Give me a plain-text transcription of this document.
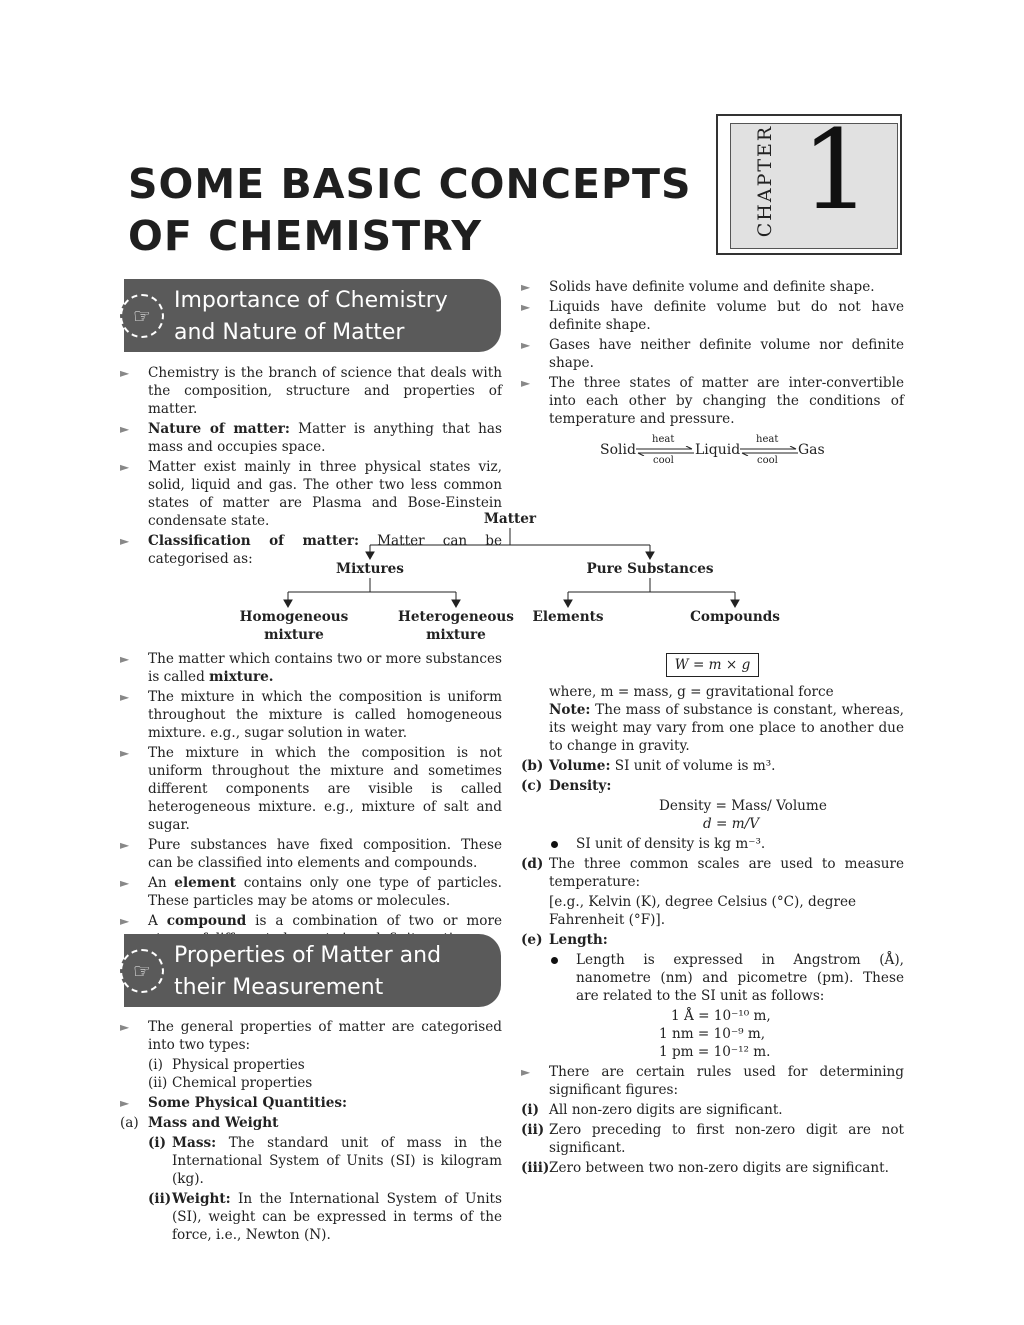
SOME BASIC CONCEPTS
OF CHEMISTRY	CHAPTER 1
☞
Importance of Chemistry
and Nature of Matter
► Chemistry is the branch of science that deals with the composition, structure and properties of matter.
► Nature of matter: Matter is anything that has mass and occupies space.
► Matter exist mainly in three physical states viz, solid, liquid and gas. The other two less common states of matter are Plasma and Bose-Einstein condensate state.
► Classification of matter: Matter can be categorised as:
► Solids have definite volume and definite shape.
► Liquids have definite volume but do not have definite shape.
► Gases have neither definite volume nor definite shape.
► The three states of matter are inter-convertible into each other by changing the conditions of temperature and pressure.
Solid
heat
cool
Liquid
heat
cool
Gas
Matter
Mixtures	Pure Substances
Homogeneous
mixture
Heterogeneous
mixture
Elements	Compounds
► The matter which contains two or more substances is called mixture.
► The mixture in which the composition is uniform throughout the mixture is called homogeneous mixture. e.g., sugar solution in water.
► The mixture in which the composition is not uniform throughout the mixture and sometimes different components are visible is called heterogeneous mixture. e.g., mixture of salt and sugar.
► Pure substances have fixed composition. These can be classified into elements and compounds.
► An element contains only one type of particles. These particles may be atoms or molecules.
► A compound is a combination of two or more
☞
Properties of Matter and
their Measurement
► The general properties of matter are categorised into two types:
(i) Physical properties
(ii) Chemical properties
► Some Physical Quantities:
(a) Mass and Weight
(i) Mass: The standard unit of mass in the International System of Units (SI) is kilogram (kg).
(ii) Weight: In the International System of Units (SI), weight can be expressed in terms of the force, i.e., Newton (N).
W = m × g
where, m = mass, g = gravitational force
Note: The mass of substance is constant, whereas, its weight may vary from one place to another due to change in gravity.
(b) Volume: SI unit of volume is m³.
(c) Density:
Density = Mass/ Volume
d = m/V
SI unit of density is kg m⁻³.
(d) The three common scales are used to measure temperature:
[e.g., Kelvin (K), degree Celsius (°C), degree Fahrenheit (°F)].
(e) Length:
Length is expressed in Angstrom (Å), nanometre (nm) and picometre (pm). These are related to the SI unit as follows:
1 Å = 10⁻¹⁰ m,
1 nm = 10⁻⁹ m,
1 pm = 10⁻¹² m.
► There are certain rules used for determining significant figures:
(i) All non-zero digits are significant.
(ii) Zero preceding to first non-zero digit are not significant.
(iii) Zero between two non-zero digits are significant.
